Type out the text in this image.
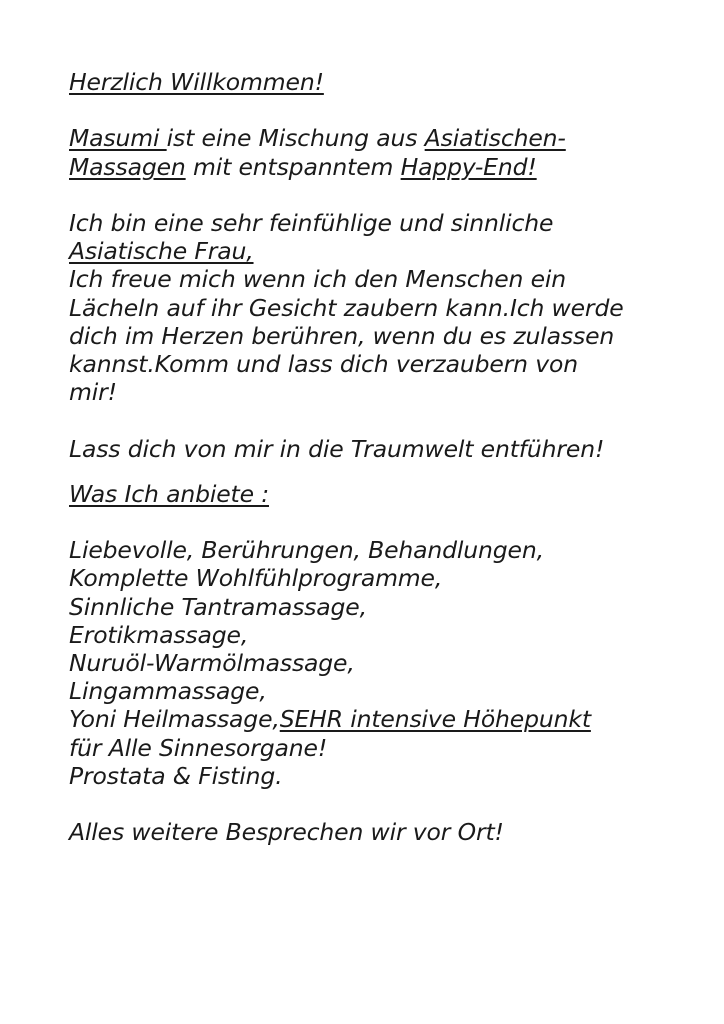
Herzlich Willkommen!
Masumi ist eine Mischung aus Asiatischen-
Massagen mit entspanntem Happy-End!
Ich bin eine sehr feinfühlige und sinnliche
Asiatische Frau,
Ich freue mich wenn ich den Menschen ein
Lächeln auf ihr Gesicht zaubern kann.Ich werde
dich im Herzen berühren, wenn du es zulassen
kannst.Komm und lass dich verzaubern von
mir!
Lass dich von mir in die Traumwelt entführen!
Was Ich anbiete :
Liebevolle, Berührungen, Behandlungen,
Komplette Wohlfühlprogramme,
Sinnliche Tantramassage,
Erotikmassage,
Nuruöl-Warmölmassage,
Lingammassage,
Yoni Heilmassage,SEHR intensive Höhepunkt
für Alle Sinnesorgane!
Prostata & Fisting.
Alles weitere Besprechen wir vor Ort!
